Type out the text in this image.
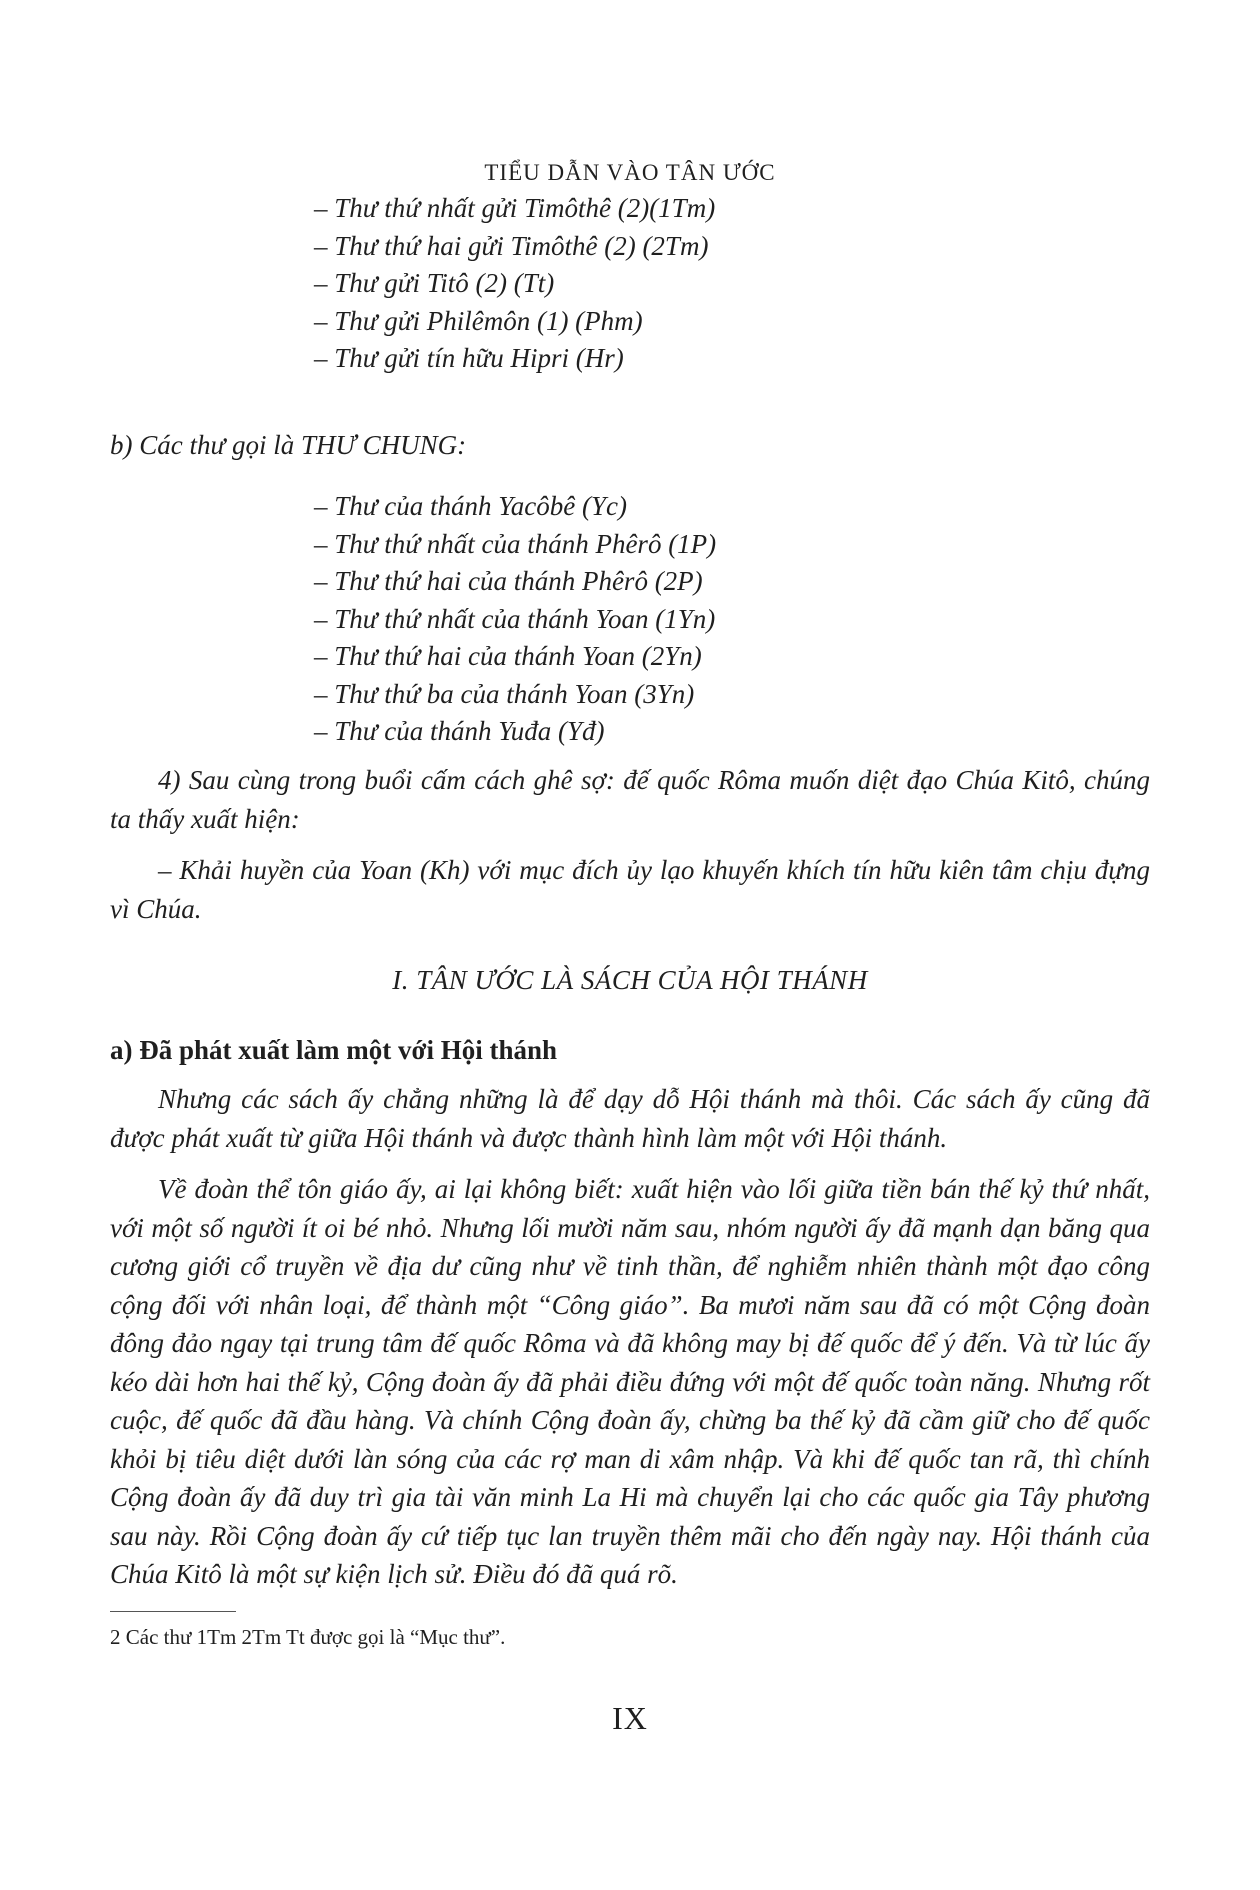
TIỂU DẪN VÀO TÂN ƯỚC
– Thư thứ nhất gửi Timôthê (2)(1Tm)
– Thư thứ hai gửi Timôthê (2) (2Tm)
– Thư gửi Titô (2) (Tt)
– Thư gửi Philêmôn (1) (Phm)
– Thư gửi tín hữu Hipri (Hr)
b) Các thư gọi là THƯ CHUNG:
– Thư của thánh Yacôbê (Yc)
– Thư thứ nhất của thánh Phêrô (1P)
– Thư thứ hai của thánh Phêrô (2P)
– Thư thứ nhất của thánh Yoan (1Yn)
– Thư thứ hai của thánh Yoan (2Yn)
– Thư thứ ba của thánh Yoan (3Yn)
– Thư của thánh Yuđa (Yđ)

4) Sau cùng trong buổi cấm cách ghê sợ: đế quốc Rôma muốn diệt đạo Chúa Kitô, chúng ta thấy xuất hiện:

– Khải huyền của Yoan (Kh) với mục đích ủy lạo khuyến khích tín hữu kiên tâm chịu đựng vì Chúa.

I. TÂN ƯỚC LÀ SÁCH CỦA HỘI THÁNH
a) Đã phát xuất làm một với Hội thánh

Nhưng các sách ấy chẳng những là để dạy dỗ Hội thánh mà thôi. Các sách ấy cũng đã được phát xuất từ giữa Hội thánh và được thành hình làm một với Hội thánh.

Về đoàn thể tôn giáo ấy, ai lại không biết: xuất hiện vào lối giữa tiền bán thế kỷ thứ nhất, với một số người ít oi bé nhỏ. Nhưng lối mười năm sau, nhóm người ấy đã mạnh dạn băng qua cương giới cổ truyền về địa dư cũng như về tinh thần, để nghiễm nhiên thành một đạo công cộng đối với nhân loại, để thành một “Công giáo”. Ba mươi năm sau đã có một Cộng đoàn đông đảo ngay tại trung tâm đế quốc Rôma và đã không may bị đế quốc để ý đến. Và từ lúc ấy kéo dài hơn hai thế kỷ, Cộng đoàn ấy đã phải điều đứng với một đế quốc toàn năng. Nhưng rốt cuộc, đế quốc đã đầu hàng. Và chính Cộng đoàn ấy, chừng ba thế kỷ đã cầm giữ cho đế quốc khỏi bị tiêu diệt dưới làn sóng của các rợ man di xâm nhập. Và khi đế quốc tan rã, thì chính Cộng đoàn ấy đã duy trì gia tài văn minh La Hi mà chuyển lại cho các quốc gia Tây phương sau này. Rồi Cộng đoàn ấy cứ tiếp tục lan truyền thêm mãi cho đến ngày nay. Hội thánh của Chúa Kitô là một sự kiện lịch sử. Điều đó đã quá rõ.

2 Các thư 1Tm 2Tm Tt được gọi là “Mục thư”.
IX
